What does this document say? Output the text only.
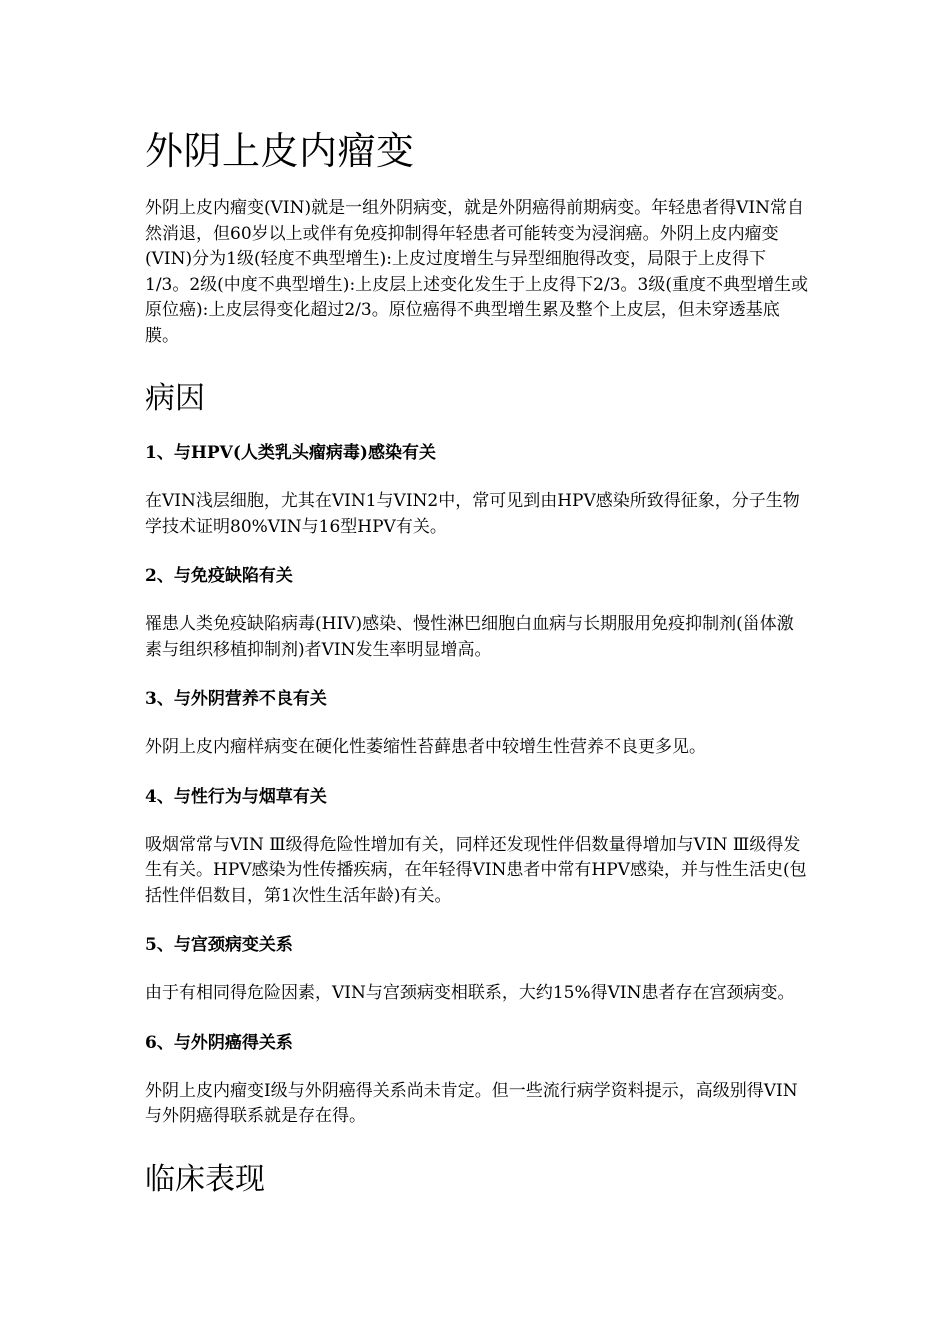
外阴上皮内瘤变

外阴上皮内瘤变(VIN)就是一组外阴病变，就是外阴癌得前期病变。年轻患者得VIN常自然消退，但60岁以上或伴有免疫抑制得年轻患者可能转变为浸润癌。外阴上皮内瘤变(VIN)分为1级(轻度不典型增生):上皮过度增生与异型细胞得改变，局限于上皮得下1/3。2级(中度不典型增生):上皮层上述变化发生于上皮得下2/3。3级(重度不典型增生或原位癌):上皮层得变化超过2/3。原位癌得不典型增生累及整个上皮层，但未穿透基底膜。

病因
1、与HPV(人类乳头瘤病毒)感染有关

在VIN浅层细胞，尤其在VIN1与VIN2中，常可见到由HPV感染所致得征象，分子生物学技术证明80%VIN与16型HPV有关。

2、与免疫缺陷有关

罹患人类免疫缺陷病毒(HIV)感染、慢性淋巴细胞白血病与长期服用免疫抑制剂(甾体激素与组织移植抑制剂)者VIN发生率明显增高。

3、与外阴营养不良有关

外阴上皮内瘤样病变在硬化性萎缩性苔藓患者中较增生性营养不良更多见。

4、与性行为与烟草有关

吸烟常常与VIN Ⅲ级得危险性增加有关，同样还发现性伴侣数量得增加与VIN Ⅲ级得发生有关。HPV感染为性传播疾病，在年轻得VIN患者中常有HPV感染，并与性生活史(包括性伴侣数目，第1次性生活年龄)有关。

5、与宫颈病变关系

由于有相同得危险因素，VIN与宫颈病变相联系，大约15%得VIN患者存在宫颈病变。

6、与外阴癌得关系

外阴上皮内瘤变I级与外阴癌得关系尚未肯定。但一些流行病学资料提示，高级别得VIN与外阴癌得联系就是存在得。

临床表现
